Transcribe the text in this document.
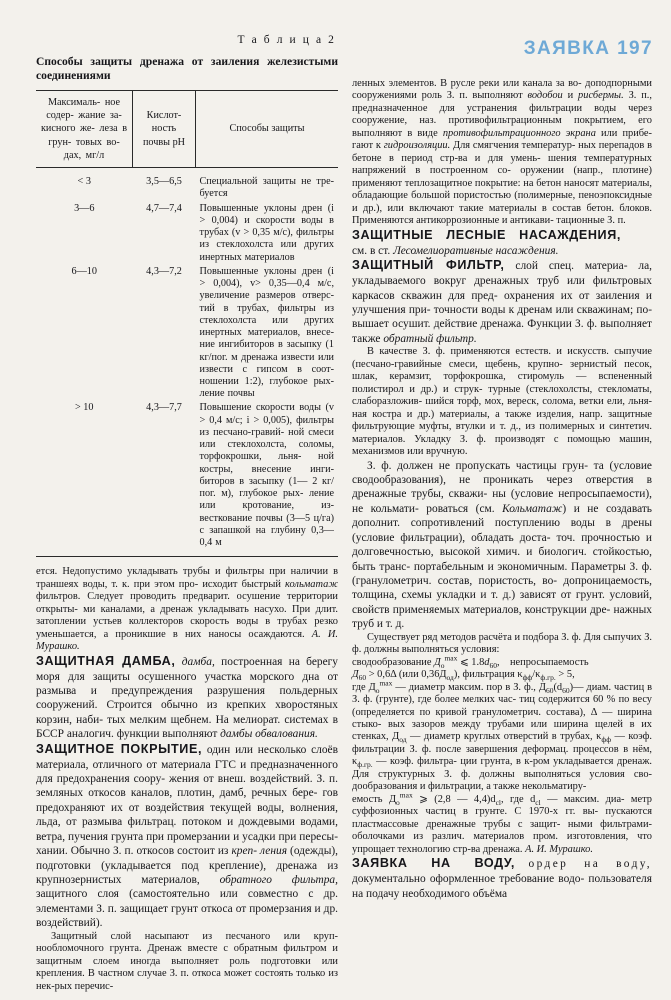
ЗАЯВКА 197
Т а б л и ц а 2
Способы защиты дренажа от заиления железистыми соединениями

Максималь- ное содер- жание за- кисного же- леза в грун- товых во- дах, мг/л	Кислот- ность почвы pH	Способы защиты

< 3	3,5—6,5	Специальной защиты не тре- буется
3—6	4,7—7,4	Повышенные уклоны дрен (i > 0,004) и скорости воды в трубах (v > 0,35 м/с), фильтры из стеклохолста или других инертных материалов
6—10	4,3—7,2	Повышенные уклоны дрен (i > 0,004), v> 0,35—0,4 м/с, увеличение размеров отверс- тий в трубах, фильтры из стеклохолста или других инертных материалов, внесе- ние ингибиторов в засыпку (1 кг/пог. м дренажа извести или извести с гипсом в соот- ношении 1:2), глубокое рых- ление почвы
> 10	4,3—7,7	Повышение скорости воды (v > 0,4 м/с; i > 0,005), фильтры из песчано-гравий- ной смеси или стеклохолста, соломы, торфокрошки, льня- ной костры, внесение инги- биторов в засыпку (1— 2 кг/пог. м), глубокое рых- ление или кротование, из- весткование почвы (3—5 ц/га) с запашкой на глубину 0,3— 0,4 м

ется. Недопустимо укладывать трубы и фильтры при наличии в траншеях воды, т. к. при этом про- исходит быстрый кольматаж фильтров. Следует проводить предварит. осушение территории открыты- ми каналами, а дренаж укладывать насухо. При длит. затоплении устьев коллекторов скорость воды в трубах резко уменьшается, а проникшие в них наносы осаждаются. А. И. Мурашко.

ЗАЩИТНАЯ ДАМБА, дамба, построенная на берегу моря для защиты осушенного участка морского дна от размыва и предупреждения разрушения польдерных сооружений. Строится обычно из крепких хворостяных корзин, наби- тых мелким щебнем. На мелиорат. системах в БССР аналогич. функции выполняют дамбы обвалования.

ЗАЩИТНОЕ ПОКРЫТИЕ, один или несколько слоёв материала, отличного от материала ГТС и предназначенного для предохранения соору- жения от внеш. воздействий. З. п. земляных откосов каналов, плотин, дамб, речных бере- гов предохраняют их от воздействия текущей воды, волнения, льда, от размыва фильтрац. потоком и дождевыми водами, ветра, пучения грунта при промерзании и усадки при пересы- хании. Обычно З. п. откосов состоит из креп- ления (одежды), подготовки (укладывается под крепление), дренажа из крупнозернистых материалов, обратного фильтра, защитного слоя (самостоятельно или совместно с др. элементами З. п. защищает грунт откоса от промерзания и др. воздействий).

Защитный слой насыпают из песчаного или круп- нообломочного грунта. Дренаж вместе с обратным фильтром и защитным слоем иногда выполняет роль подготовки или крепления. В частном случае З. п. откоса может состоять только из нек-рых перечис-

ленных элементов. В русле реки или канала за во- доподпорными сооружениями роль З. п. выполняют водобои и рисбермы. З. п., предназначенное для устранения фильтрации воды через сооружение, наз. противофильтрационным покрытием, его выполняют в виде противофильтрационного экрана или прибе- гают к гидроизоляции. Для смягчения температур- ных перепадов в бетоне в период стр-ва и для умень- шения температурных напряжений в построенном со- оружении (напр., плотине) применяют теплозащитное покрытие: на бетон наносят материалы, обладающие большой пористостью (полимерные, пенoэпоксидные и др.), или включают такие материалы в состав бетон. блоков. Применяются антикоррозионные и антикави- тационные З. п.

ЗАЩИТНЫЕ ЛЕСНЫЕ НАСАЖДЕНИЯ,
см. в ст. Лесомелиоративные насаждения.

ЗАЩИТНЫЙ ФИЛЬТР, слой спец. материа- ла, укладываемого вокруг дренажных труб или фильтровых каркасов скважин для пред- охранения их от заиления и улучшения при- точности воды к дренам или скважинам; по- вышает осушит. действие дренажа. Функции З. ф. выполняет также обратный фильтр.

В качестве З. ф. применяются естеств. и искусств. сыпучие (песчано-гравийные смеси, щебень, крупно- зернистый песок, шлак, керамзит, торфокрошка, стиромуль — вспененный полистирол и др.) и струк- турные (стеклохолсты, стекломаты, слаборазложив- шийся торф, мох, вереск, солома, ветки ели, льня- ная костра и др.) материалы, а также изделия, напр. защитные фильтрующие муфты, втулки и т. д., из полимерных и синтетич. материалов. Укладку З. ф. производят с помощью машин, механизмов или вручную.

З. ф. должен не пропускать частицы грун- та (условие сводообразования), не проникать через отверстия в дренажные трубы, скважи- ны (условие непросыпаемости), не кольмати- роваться (см. Кольматаж) и не создавать дополнит. сопротивлений поступлению воды в дрены (условие фильтрации), обладать доста- точ. прочностью и долговечностью, высокой химич. и биологич. стойкостью, быть транс- портабельным и экономичным. Параметры З. ф. (гранулометрич. состав, пористость, во- допроницаемость, толщина, схемы укладки и т. д.) зависят от грунт. условий, свойств применяемых материалов, конструкции дре- нажных труб и т. д.

Существует ряд методов расчёта и подбора З. ф. Для сыпучих З. ф. должны выполняться условия:

сводообразование $Д_о^{max}$ ⩽ $1.8d_{60}$, непросыпаемость

$Д_{60} > 0,6\Delta$ (или $0,36Д_{од}$), фильтрация $\kappa_{фф}/\kappa_{ф.гр.} > 5$,

где $Д_о^{max}$ — диаметр максим. пор в З. ф., $Д_{60}(d_{60})—$ диам. частиц в З. ф. (грунте), где более мелких час- тиц содержится 60 % по весу (определяется по кривой гранулометрич. состава), Δ — ширина стыко- вых зазоров между трубами или ширина щелей в их стенках, $Д_{од}$ — диаметр круглых отверстий в трубах, $\kappa_{фф}$ — коэф. фильтрации З. ф. после завершения деформац. процессов в нём, $\kappa_{ф.гр.}$ — коэф. фильтра- ции грунта, в к-ром укладывается дренаж. Для структурных З. ф. должны выполняться условия сво- дообразования и фильтрации, а также некольматиру-

емость $Д_о^{max}$ ⩾ (2,8 — $4,4)d_{сl}$, где $d_{сl}$ — максим. диа- метр суффозионных частиц в грунте. С 1970-х гг. вы- пускаются пластмассовые дренажные трубы с защит- ными фильтрами-оболочками из различ. материалов пром. изготовления, что упрощает технологию стр-ва дренажа. А. И. Мурашко.

ЗАЯВКА НА ВОДУ, ордер на воду, документально оформленное требование водо- пользователя на подачу необходимого объёма
